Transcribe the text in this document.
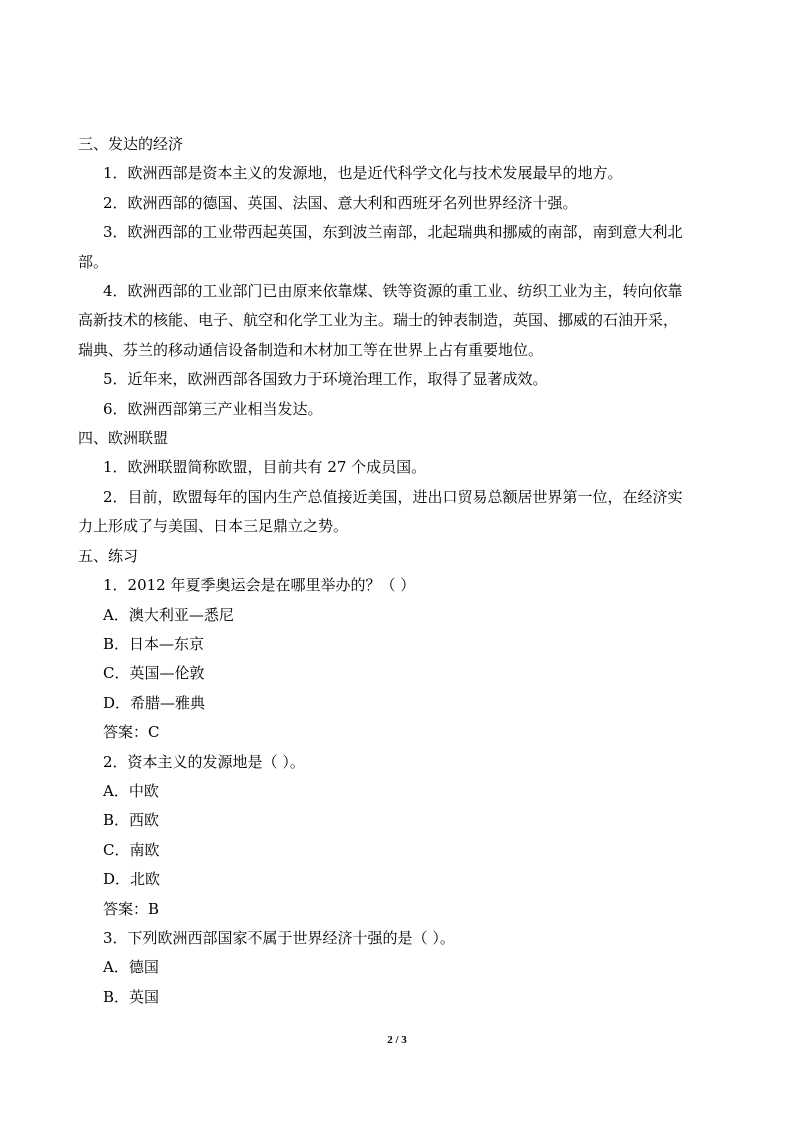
三、发达的经济
1．欧洲西部是资本主义的发源地，也是近代科学文化与技术发展最早的地方。
2．欧洲西部的德国、英国、法国、意大利和西班牙名列世界经济十强。
3．欧洲西部的工业带西起英国，东到波兰南部，北起瑞典和挪威的南部，南到意大利北
部。
4．欧洲西部的工业部门已由原来依靠煤、铁等资源的重工业、纺织工业为主，转向依靠
高新技术的核能、电子、航空和化学工业为主。瑞士的钟表制造，英国、挪威的石油开采，
瑞典、芬兰的移动通信设备制造和木材加工等在世界上占有重要地位。
5．近年来，欧洲西部各国致力于环境治理工作，取得了显著成效。
6．欧洲西部第三产业相当发达。
四、欧洲联盟
1．欧洲联盟简称欧盟，目前共有 27 个成员国。
2．目前，欧盟每年的国内生产总值接近美国，进出口贸易总额居世界第一位，在经济实
力上形成了与美国、日本三足鼎立之势。
五、练习
1．2012 年夏季奥运会是在哪里举办的？（ ）
A．澳大利亚—悉尼
B．日本—东京
C．英国—伦敦
D．希腊—雅典
答案：C
2．资本主义的发源地是（ ）。
A．中欧
B．西欧
C．南欧
D．北欧
答案：B
3．下列欧洲西部国家不属于世界经济十强的是（ ）。
A．德国
B．英国
2 / 3
